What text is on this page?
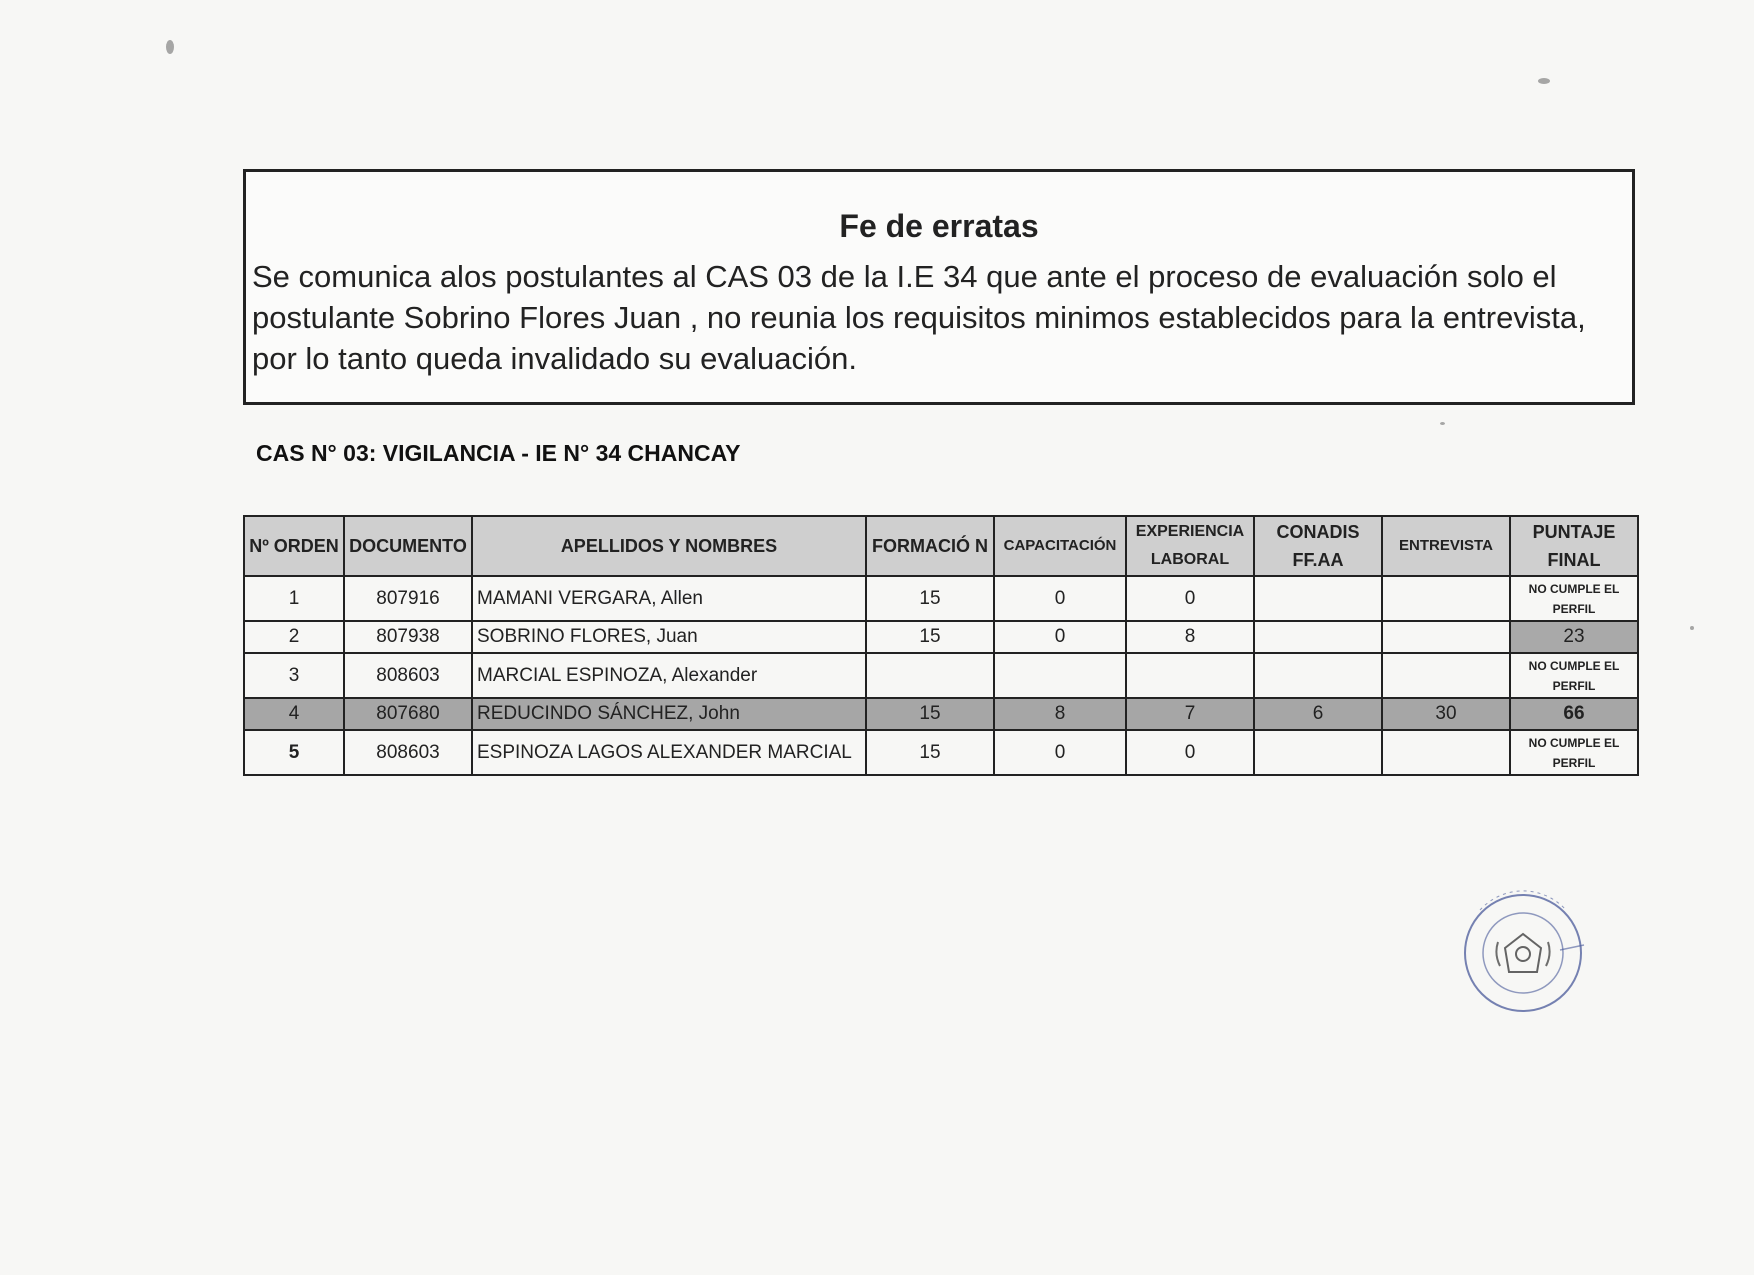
Fe de erratas
Se comunica alos postulantes al CAS 03 de la I.E 34 que ante el proceso de evaluación solo el postulante Sobrino Flores Juan , no reunia los requisitos minimos establecidos para la entrevista, por lo tanto queda invalidado su evaluación.
CAS N° 03: VIGILANCIA - IE N° 34 CHANCAY
Nº ORDEN	DOCUMENTO	APELLIDOS Y NOMBRES	FORMACIÓ N	CAPACITACIÓN	EXPERIENCIA LABORAL	CONADIS FF.AA	ENTREVISTA	PUNTAJE FINAL
1	807916	MAMANI VERGARA, Allen	15	0	0			NO CUMPLE EL PERFIL
2	807938	SOBRINO FLORES, Juan	15	0	8			23
3	808603	MARCIAL ESPINOZA, Alexander						NO CUMPLE EL PERFIL
4	807680	REDUCINDO SÁNCHEZ, John	15	8	7	6	30	66
5	808603	ESPINOZA LAGOS ALEXANDER MARCIAL	15	0	0			NO CUMPLE EL PERFIL
